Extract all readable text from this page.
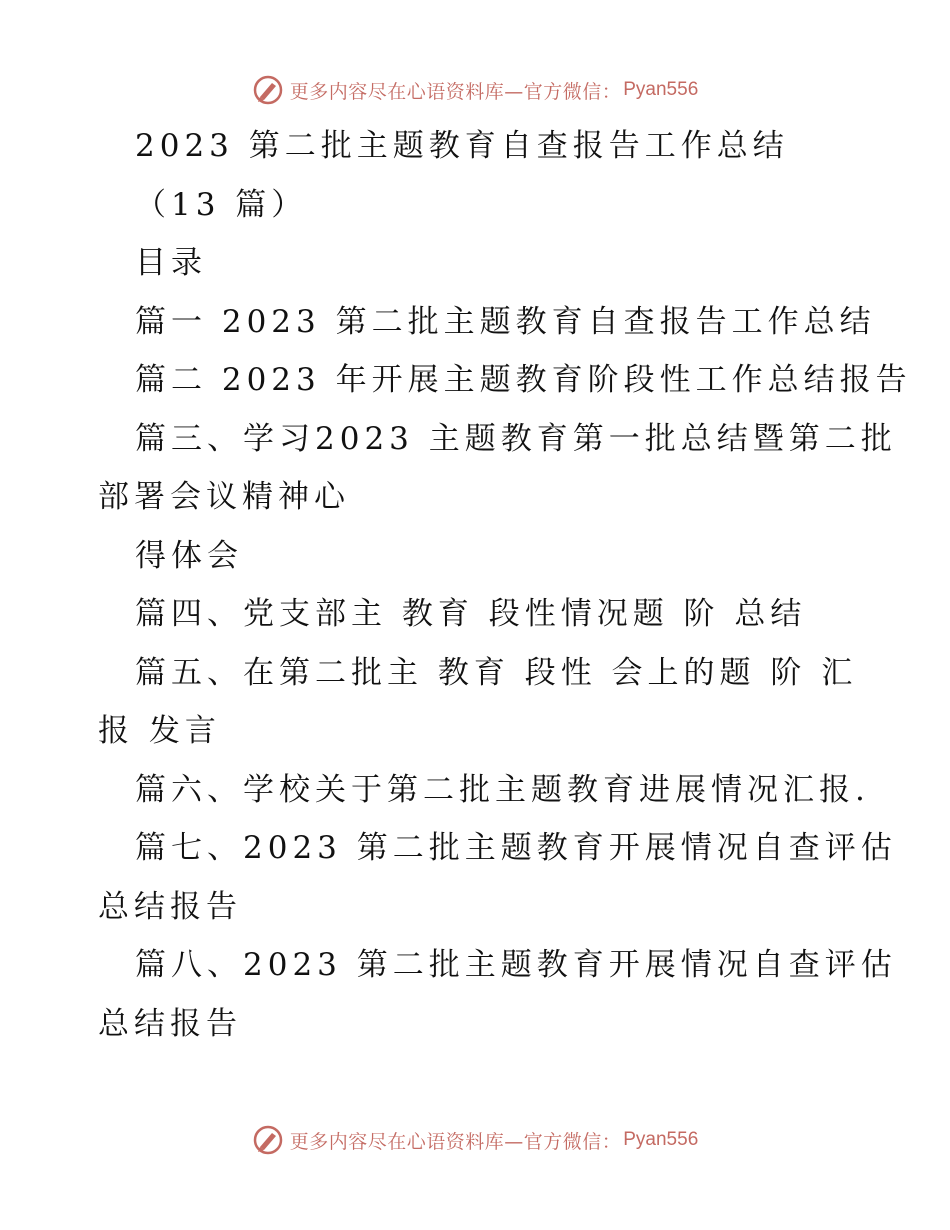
更多内容尽在心语资料库—官方微信： Pyan556
2023 第二批主题教育自查报告工作总结
（13 篇）
目录
篇一 2023 第二批主题教育自查报告工作总结
篇二 2023 年开展主题教育阶段性工作总结报告
篇三、学习2023 主题教育第一批总结暨第二批
部署会议精神心
得体会
篇四、党支部主 教育 段性情况题 阶 总结
篇五、在第二批主 教育 段性 会上的题 阶 汇
报 发言
篇六、学校关于第二批主题教育进展情况汇报.
篇七、2023 第二批主题教育开展情况自查评估
总结报告
篇八、2023 第二批主题教育开展情况自查评估
总结报告
更多内容尽在心语资料库—官方微信： Pyan556
